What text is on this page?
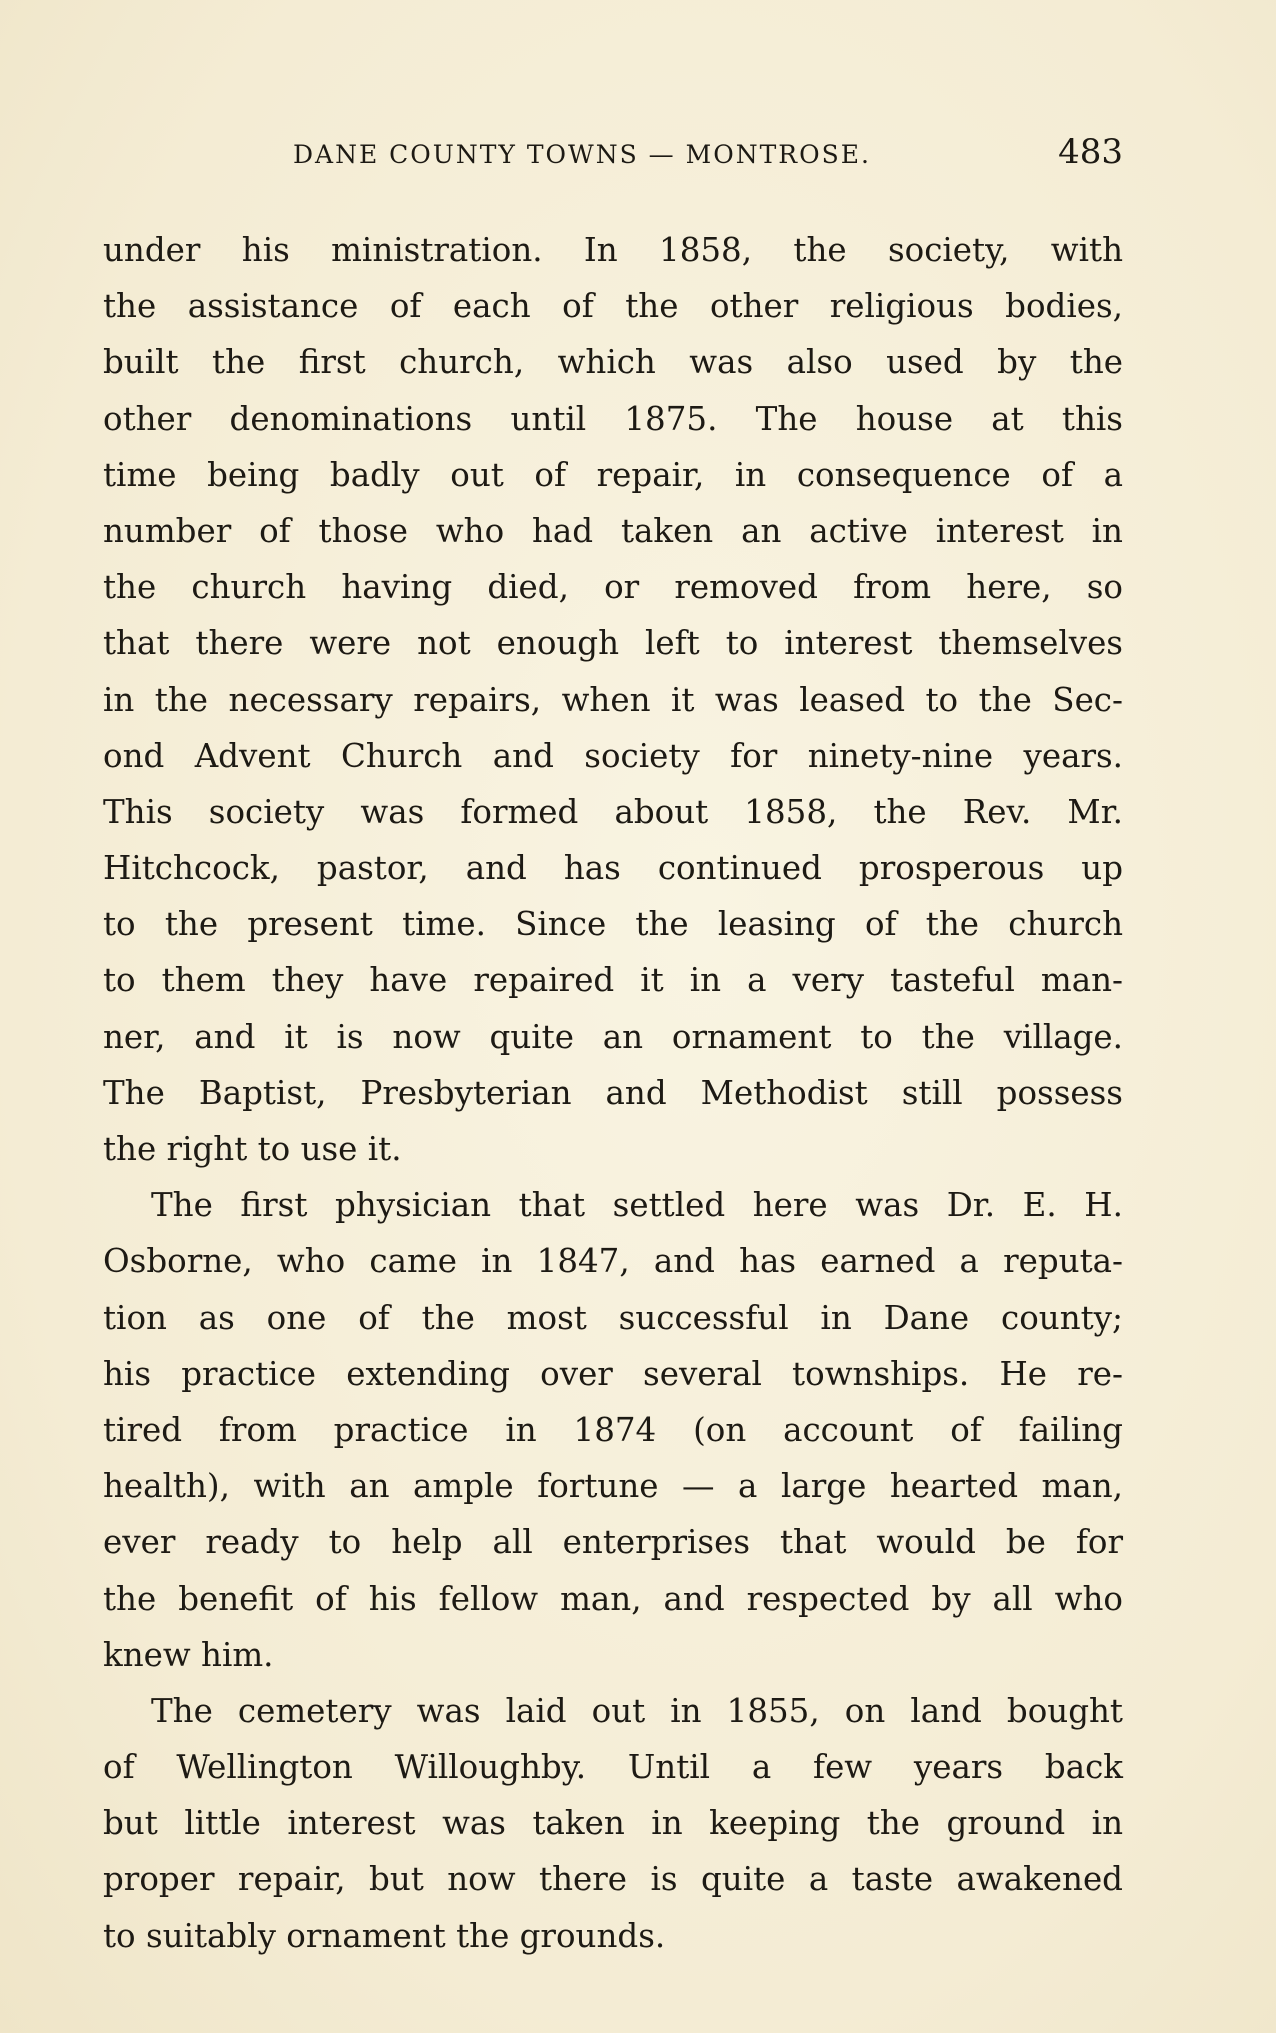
DANE COUNTY TOWNS — MONTROSE.	483
under his ministration. In 1858, the society, with
the assistance of each of the other religious bodies,
built the first church, which was also used by the
other denominations until 1875. The house at this
time being badly out of repair, in consequence of a
number of those who had taken an active interest in
the church having died, or removed from here, so
that there were not enough left to interest themselves
in the necessary repairs, when it was leased to the Sec-
ond Advent Church and society for ninety-nine years.
This society was formed about 1858, the Rev. Mr.
Hitchcock, pastor, and has continued prosperous up
to the present time. Since the leasing of the church
to them they have repaired it in a very tasteful man-
ner, and it is now quite an ornament to the village.
The Baptist, Presbyterian and Methodist still possess
the right to use it.
The first physician that settled here was Dr. E. H.
Osborne, who came in 1847, and has earned a reputa-
tion as one of the most successful in Dane county;
his practice extending over several townships. He re-
tired from practice in 1874 (on account of failing
health), with an ample fortune — a large hearted man,
ever ready to help all enterprises that would be for
the benefit of his fellow man, and respected by all who
knew him.
The cemetery was laid out in 1855, on land bought
of Wellington Willoughby. Until a few years back
but little interest was taken in keeping the ground in
proper repair, but now there is quite a taste awakened
to suitably ornament the grounds.
